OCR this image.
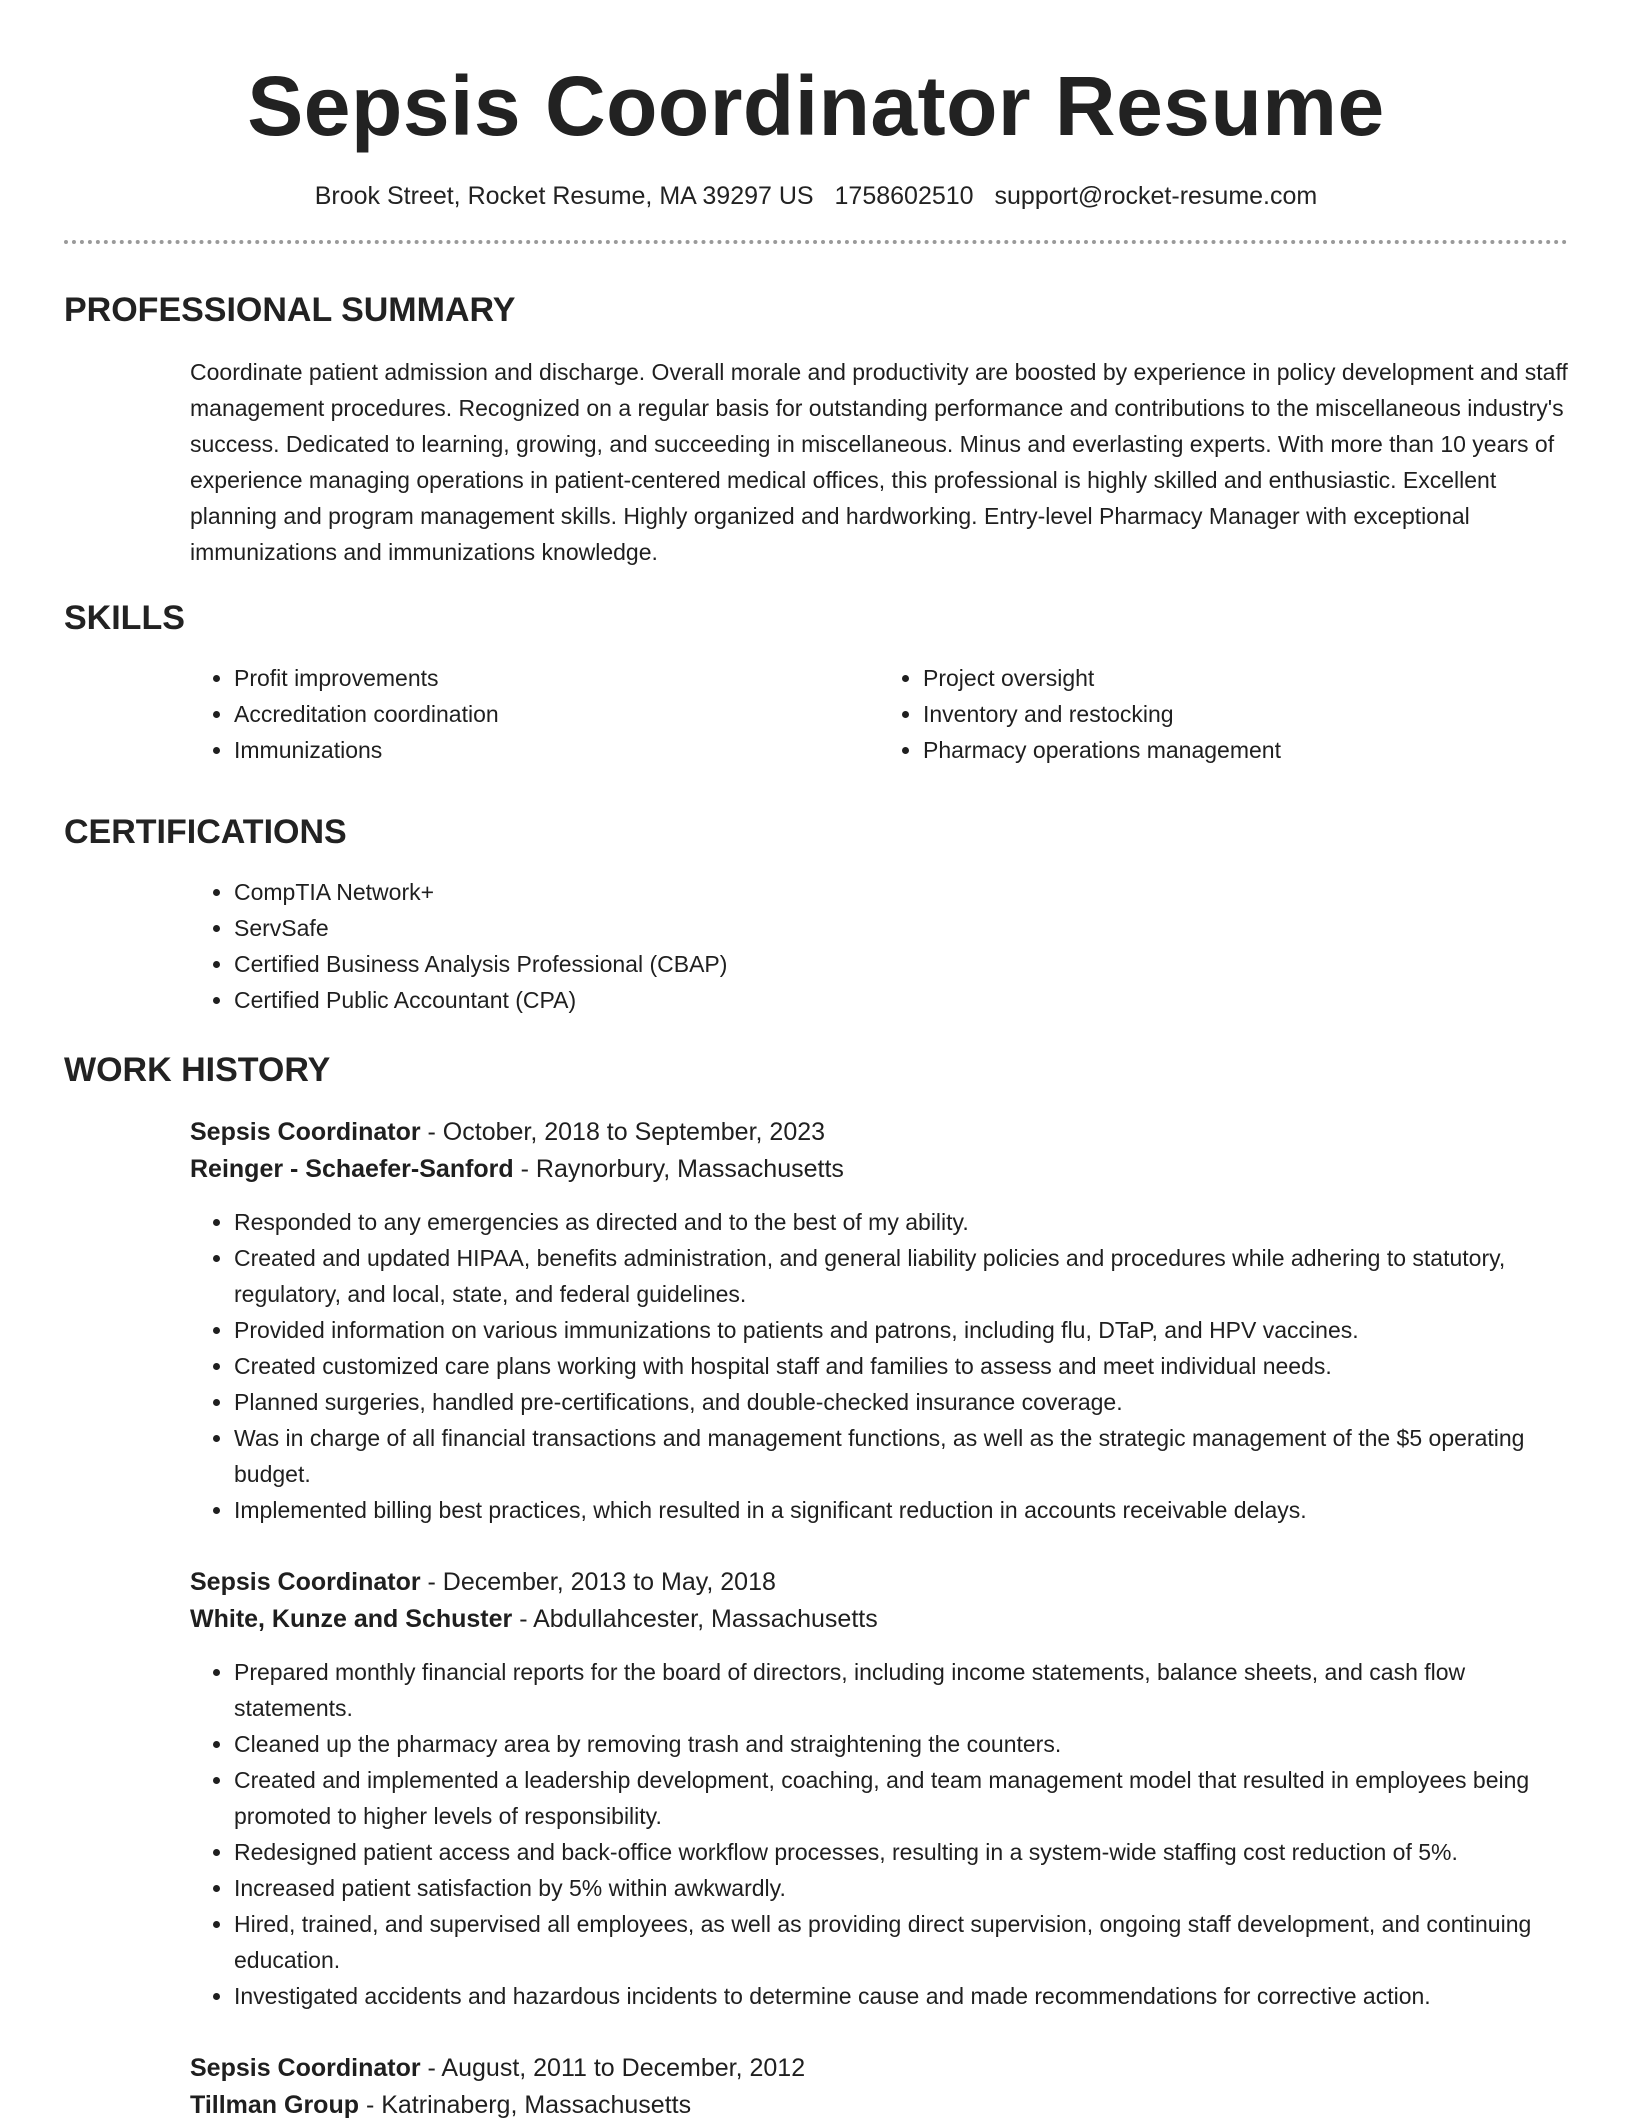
Sepsis Coordinator Resume
Brook Street, Rocket Resume, MA 39297 US 1758602510 support@rocket-resume.com
PROFESSIONAL SUMMARY

Coordinate patient admission and discharge. Overall morale and productivity are boosted by experience in policy development and staff management procedures. Recognized on a regular basis for outstanding performance and contributions to the miscellaneous industry's success. Dedicated to learning, growing, and succeeding in miscellaneous. Minus and everlasting experts. With more than 10 years of experience managing operations in patient-centered medical offices, this professional is highly skilled and enthusiastic. Excellent planning and program management skills. Highly organized and hardworking. Entry-level Pharmacy Manager with exceptional immunizations and immunizations knowledge.

SKILLS
• Profit improvements
• Accreditation coordination
• Immunizations
• Project oversight
• Inventory and restocking
• Pharmacy operations management
CERTIFICATIONS
• CompTIA Network+
• ServSafe
• Certified Business Analysis Professional (CBAP)
• Certified Public Accountant (CPA)
WORK HISTORY
Sepsis Coordinator - October, 2018 to September, 2023
Reinger - Schaefer-Sanford - Raynorbury, Massachusetts
• Responded to any emergencies as directed and to the best of my ability.
• Created and updated HIPAA, benefits administration, and general liability policies and procedures while adhering to statutory, regulatory, and local, state, and federal guidelines.
• Provided information on various immunizations to patients and patrons, including flu, DTaP, and HPV vaccines.
• Created customized care plans working with hospital staff and families to assess and meet individual needs.
• Planned surgeries, handled pre-certifications, and double-checked insurance coverage.
• Was in charge of all financial transactions and management functions, as well as the strategic management of the $5 operating budget.
• Implemented billing best practices, which resulted in a significant reduction in accounts receivable delays.
Sepsis Coordinator - December, 2013 to May, 2018
White, Kunze and Schuster - Abdullahcester, Massachusetts
• Prepared monthly financial reports for the board of directors, including income statements, balance sheets, and cash flow statements.
• Cleaned up the pharmacy area by removing trash and straightening the counters.
• Created and implemented a leadership development, coaching, and team management model that resulted in employees being promoted to higher levels of responsibility.
• Redesigned patient access and back-office workflow processes, resulting in a system-wide staffing cost reduction of 5%.
• Increased patient satisfaction by 5% within awkwardly.
• Hired, trained, and supervised all employees, as well as providing direct supervision, ongoing staff development, and continuing education.
• Investigated accidents and hazardous incidents to determine cause and made recommendations for corrective action.
Sepsis Coordinator - August, 2011 to December, 2012
Tillman Group - Katrinaberg, Massachusetts
